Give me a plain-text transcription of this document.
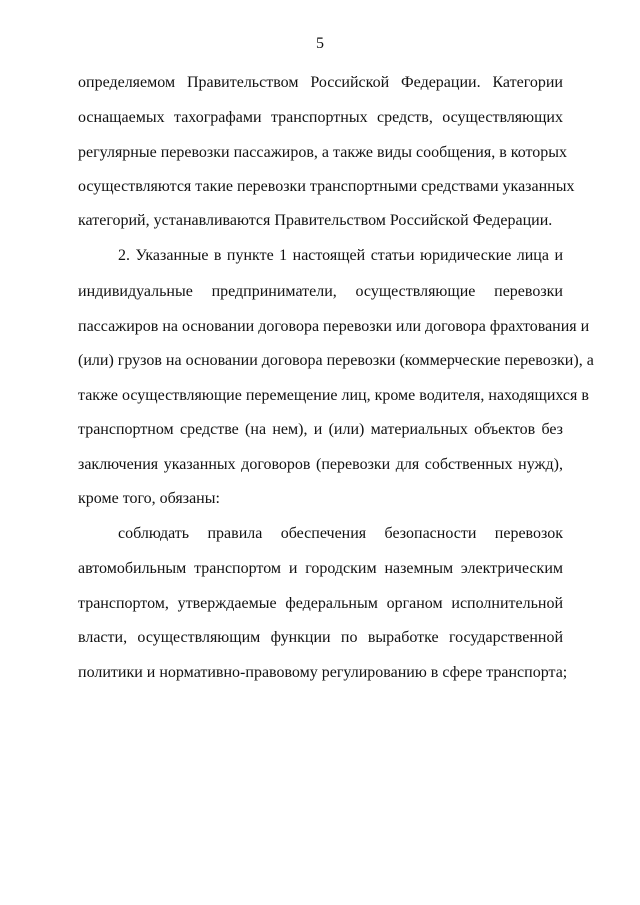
5
определяемом Правительством Российской Федерации. Категории
оснащаемых тахографами транспортных средств, осуществляющих
регулярные перевозки пассажиров, а также виды сообщения, в которых
осуществляются такие перевозки транспортными средствами указанных
категорий, устанавливаются Правительством Российской Федерации.
2. Указанные в пункте 1 настоящей статьи юридические лица и
индивидуальные предприниматели, осуществляющие перевозки
пассажиров на основании договора перевозки или договора фрахтования и
(или) грузов на основании договора перевозки (коммерческие перевозки), а
также осуществляющие перемещение лиц, кроме водителя, находящихся в
транспортном средстве (на нем), и (или) материальных объектов без
заключения указанных договоров (перевозки для собственных нужд),
кроме того, обязаны:
соблюдать правила обеспечения безопасности перевозок
автомобильным транспортом и городским наземным электрическим
транспортом, утверждаемые федеральным органом исполнительной
власти, осуществляющим функции по выработке государственной
политики и нормативно-правовому регулированию в сфере транспорта;
